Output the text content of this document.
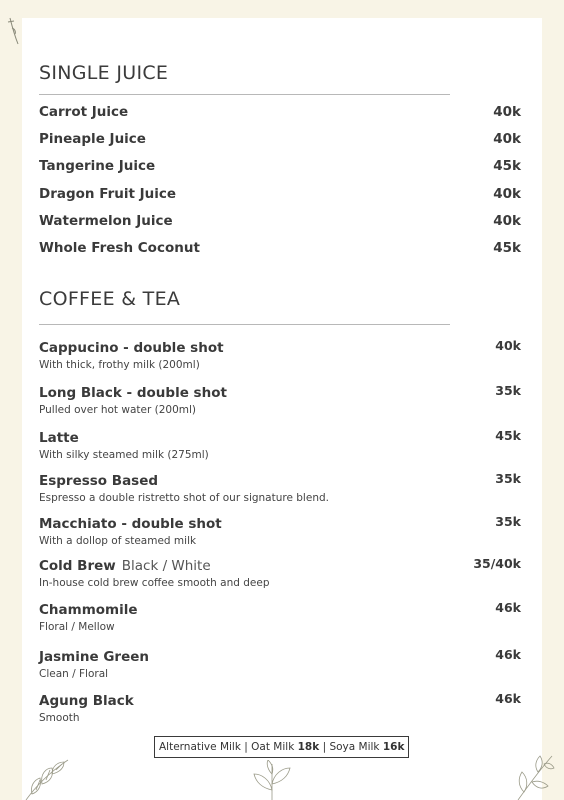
SINGLE JUICE
Carrot Juice	40k
Pineaple Juice	40k
Tangerine Juice	45k
Dragon Fruit Juice	40k
Watermelon Juice	40k
Whole Fresh Coconut	45k
COFFEE & TEA
Cappucino - double shot	40k
With thick, frothy milk (200ml)
Long Black - double shot	35k
Pulled over hot water (200ml)
Latte	45k
With silky steamed milk (275ml)
Espresso Based	35k
Espresso a double ristretto shot of our signature blend.
Macchiato - double shot	35k
With a dollop of steamed milk
Cold Brew Black / White	35/40k
In-house cold brew coffee smooth and deep
Chammomile	46k
Floral / Mellow
Jasmine Green	46k
Clean / Floral
Agung Black	46k
Smooth
Alternative Milk | Oat Milk 18k | Soya Milk 16k
